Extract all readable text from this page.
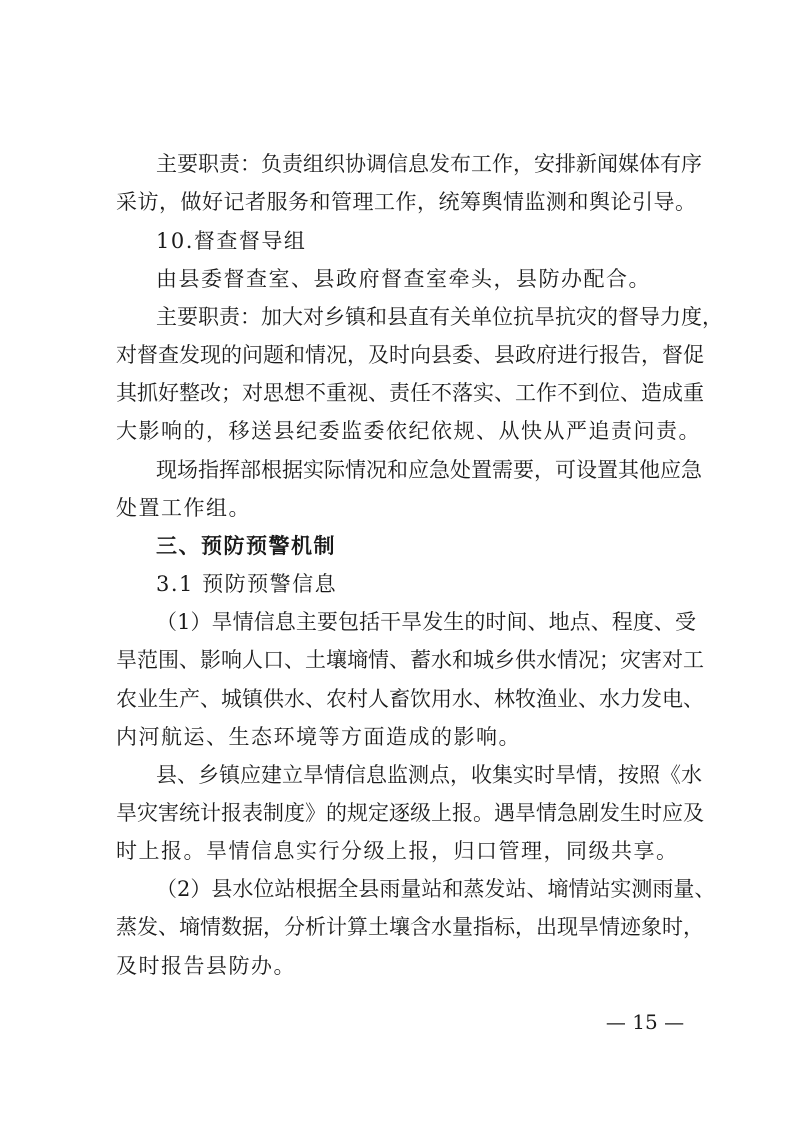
主要职责：负责组织协调信息发布工作，安排新闻媒体有序
采访，做好记者服务和管理工作，统筹舆情监测和舆论引导。
10.督查督导组
由县委督查室、县政府督查室牵头，县防办配合。
主要职责：加大对乡镇和县直有关单位抗旱抗灾的督导力度，
对督查发现的问题和情况，及时向县委、县政府进行报告，督促
其抓好整改；对思想不重视、责任不落实、工作不到位、造成重
大影响的，移送县纪委监委依纪依规、从快从严追责问责。
现场指挥部根据实际情况和应急处置需要，可设置其他应急
处置工作组。
三、预防预警机制
3.1 预防预警信息
（1）旱情信息主要包括干旱发生的时间、地点、程度、受
旱范围、影响人口、土壤墒情、蓄水和城乡供水情况；灾害对工
农业生产、城镇供水、农村人畜饮用水、林牧渔业、水力发电、
内河航运、生态环境等方面造成的影响。
县、乡镇应建立旱情信息监测点，收集实时旱情，按照《水
旱灾害统计报表制度》的规定逐级上报。遇旱情急剧发生时应及
时上报。旱情信息实行分级上报，归口管理，同级共享。
（2）县水位站根据全县雨量站和蒸发站、墒情站实测雨量、
蒸发、墒情数据，分析计算土壤含水量指标，出现旱情迹象时，
及时报告县防办。
— 15 —
